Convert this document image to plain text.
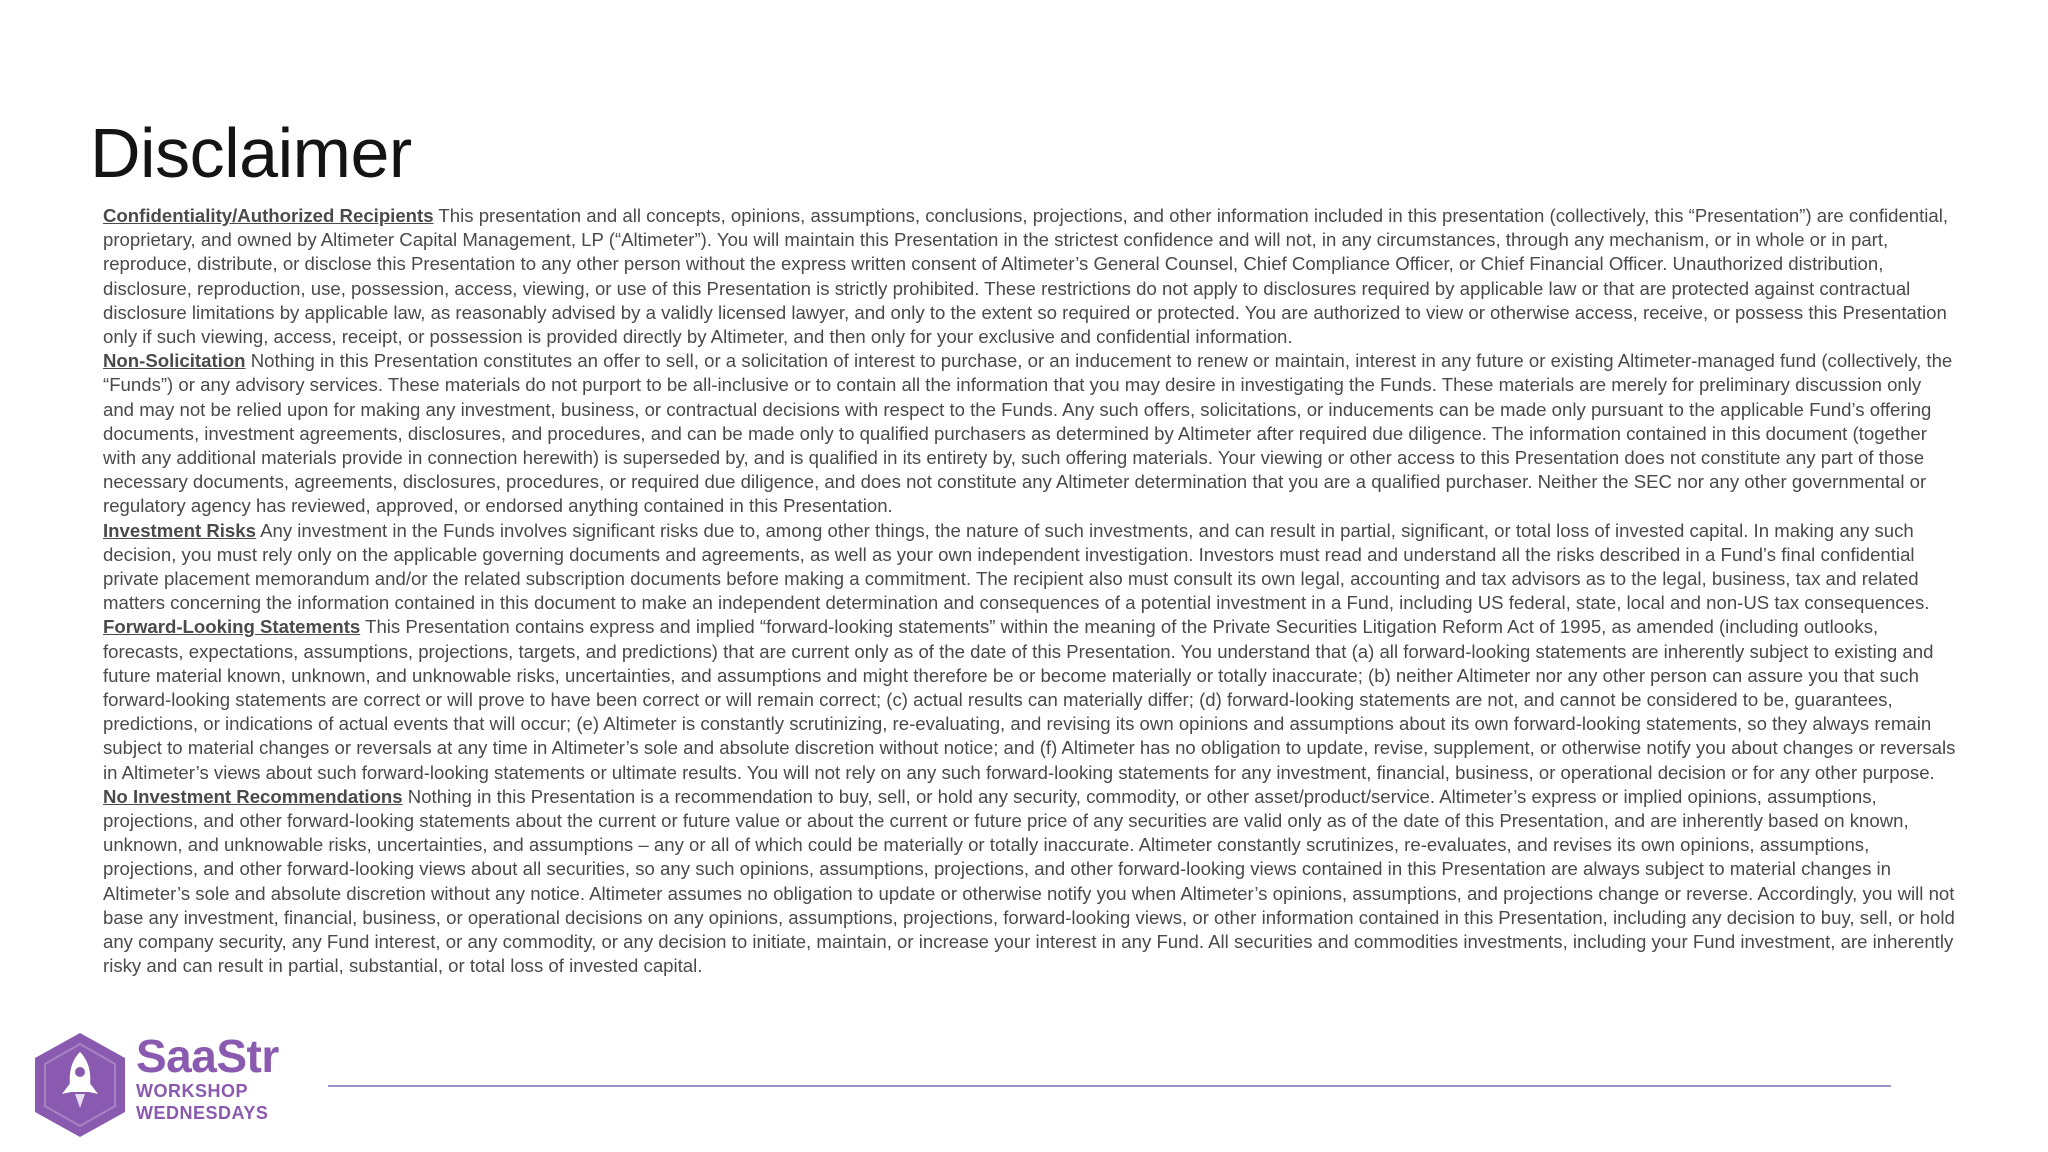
Disclaimer

Confidentiality/Authorized Recipients This presentation and all concepts, opinions, assumptions, conclusions, projections, and other information included in this presentation (collectively, this “Presentation”) are confidential, proprietary, and owned by Altimeter Capital Management, LP (“Altimeter”). You will maintain this Presentation in the strictest confidence and will not, in any circumstances, through any mechanism, or in whole or in part, reproduce, distribute, or disclose this Presentation to any other person without the express written consent of Altimeter’s General Counsel, Chief Compliance Officer, or Chief Financial Officer. Unauthorized distribution, disclosure, reproduction, use, possession, access, viewing, or use of this Presentation is strictly prohibited. These restrictions do not apply to disclosures required by applicable law or that are protected against contractual disclosure limitations by applicable law, as reasonably advised by a validly licensed lawyer, and only to the extent so required or protected. You are authorized to view or otherwise access, receive, or possess this Presentation only if such viewing, access, receipt, or possession is provided directly by Altimeter, and then only for your exclusive and confidential information.

Non-Solicitation Nothing in this Presentation constitutes an offer to sell, or a solicitation of interest to purchase, or an inducement to renew or maintain, interest in any future or existing Altimeter-managed fund (collectively, the “Funds”) or any advisory services. These materials do not purport to be all-inclusive or to contain all the information that you may desire in investigating the Funds. These materials are merely for preliminary discussion only and may not be relied upon for making any investment, business, or contractual decisions with respect to the Funds. Any such offers, solicitations, or inducements can be made only pursuant to the applicable Fund’s offering documents, investment agreements, disclosures, and procedures, and can be made only to qualified purchasers as determined by Altimeter after required due diligence. The information contained in this document (together with any additional materials provide in connection herewith) is superseded by, and is qualified in its entirety by, such offering materials. Your viewing or other access to this Presentation does not constitute any part of those necessary documents, agreements, disclosures, procedures, or required due diligence, and does not constitute any Altimeter determination that you are a qualified purchaser. Neither the SEC nor any other governmental or regulatory agency has reviewed, approved, or endorsed anything contained in this Presentation.

Investment Risks Any investment in the Funds involves significant risks due to, among other things, the nature of such investments, and can result in partial, significant, or total loss of invested capital. In making any such decision, you must rely only on the applicable governing documents and agreements, as well as your own independent investigation. Investors must read and understand all the risks described in a Fund’s final confidential private placement memorandum and/or the related subscription documents before making a commitment. The recipient also must consult its own legal, accounting and tax advisors as to the legal, business, tax and related matters concerning the information contained in this document to make an independent determination and consequences of a potential investment in a Fund, including US federal, state, local and non-US tax consequences.

Forward-Looking Statements This Presentation contains express and implied “forward-looking statements” within the meaning of the Private Securities Litigation Reform Act of 1995, as amended (including outlooks, forecasts, expectations, assumptions, projections, targets, and predictions) that are current only as of the date of this Presentation. You understand that (a) all forward-looking statements are inherently subject to existing and future material known, unknown, and unknowable risks, uncertainties, and assumptions and might therefore be or become materially or totally inaccurate; (b) neither Altimeter nor any other person can assure you that such forward-looking statements are correct or will prove to have been correct or will remain correct; (c) actual results can materially differ; (d) forward-looking statements are not, and cannot be considered to be, guarantees, predictions, or indications of actual events that will occur; (e) Altimeter is constantly scrutinizing, re-evaluating, and revising its own opinions and assumptions about its own forward-looking statements, so they always remain subject to material changes or reversals at any time in Altimeter’s sole and absolute discretion without notice; and (f) Altimeter has no obligation to update, revise, supplement, or otherwise notify you about changes or reversals in Altimeter’s views about such forward-looking statements or ultimate results. You will not rely on any such forward-looking statements for any investment, financial, business, or operational decision or for any other purpose.

No Investment Recommendations Nothing in this Presentation is a recommendation to buy, sell, or hold any security, commodity, or other asset/product/service. Altimeter’s express or implied opinions, assumptions, projections, and other forward-looking statements about the current or future value or about the current or future price of any securities are valid only as of the date of this Presentation, and are inherently based on known, unknown, and unknowable risks, uncertainties, and assumptions – any or all of which could be materially or totally inaccurate. Altimeter constantly scrutinizes, re-evaluates, and revises its own opinions, assumptions, projections, and other forward-looking views about all securities, so any such opinions, assumptions, projections, and other forward-looking views contained in this Presentation are always subject to material changes in Altimeter’s sole and absolute discretion without any notice. Altimeter assumes no obligation to update or otherwise notify you when Altimeter’s opinions, assumptions, and projections change or reverse. Accordingly, you will not base any investment, financial, business, or operational decisions on any opinions, assumptions, projections, forward-looking views, or other information contained in this Presentation, including any decision to buy, sell, or hold any company security, any Fund interest, or any commodity, or any decision to initiate, maintain, or increase your interest in any Fund. All securities and commodities investments, including your Fund investment, are inherently risky and can result in partial, substantial, or total loss of invested capital.

SaaStr
WORKSHOP
WEDNESDAYS
